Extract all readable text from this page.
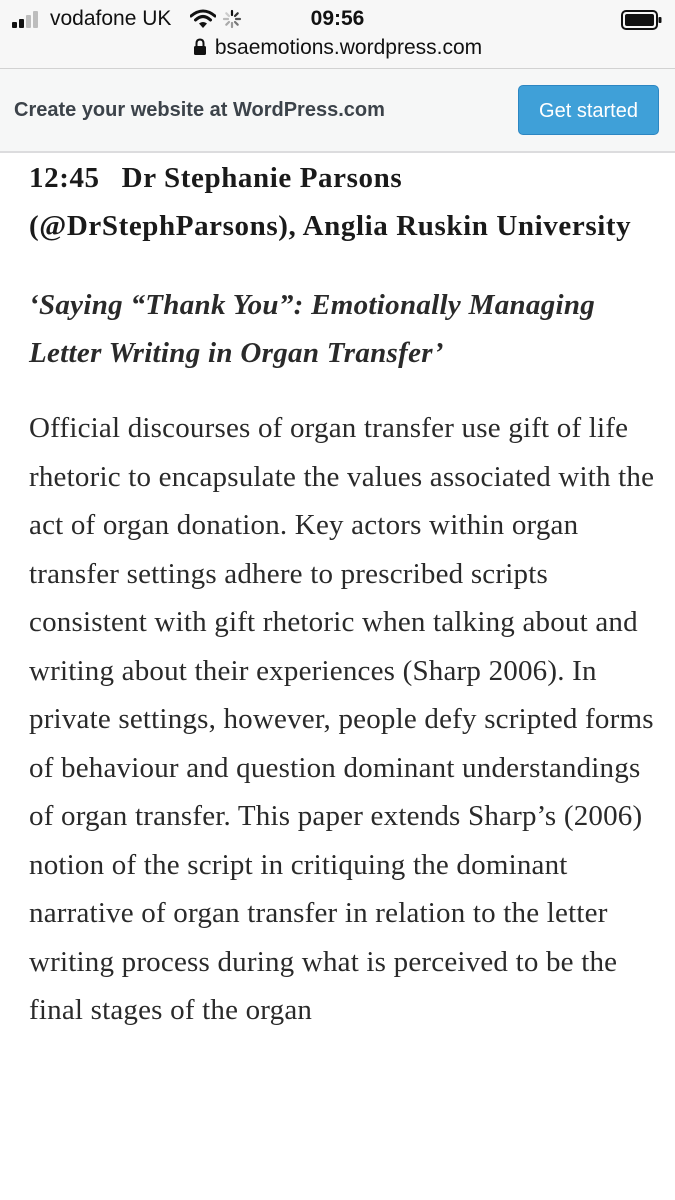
vodafone UK	09:56
bsaemotions.wordpress.com
Create your website at WordPress.com	Get started
12:45 Dr Stephanie Parsons (@DrStephParsons), Anglia Ruskin University

‘Saying “Thank You”: Emotionally Managing Letter Writing in Organ Transfer’

Official discourses of organ transfer use gift of life rhetoric to encapsulate the values associated with the act of organ donation. Key actors within organ transfer settings adhere to prescribed scripts consistent with gift rhetoric when talking about and writing about their experiences (Sharp 2006). In private settings, however, people defy scripted forms of behaviour and question dominant understandings of organ transfer. This paper extends Sharp’s (2006) notion of the script in critiquing the dominant narrative of organ transfer in relation to the letter writing process during what is perceived to be the final stages of the organ
